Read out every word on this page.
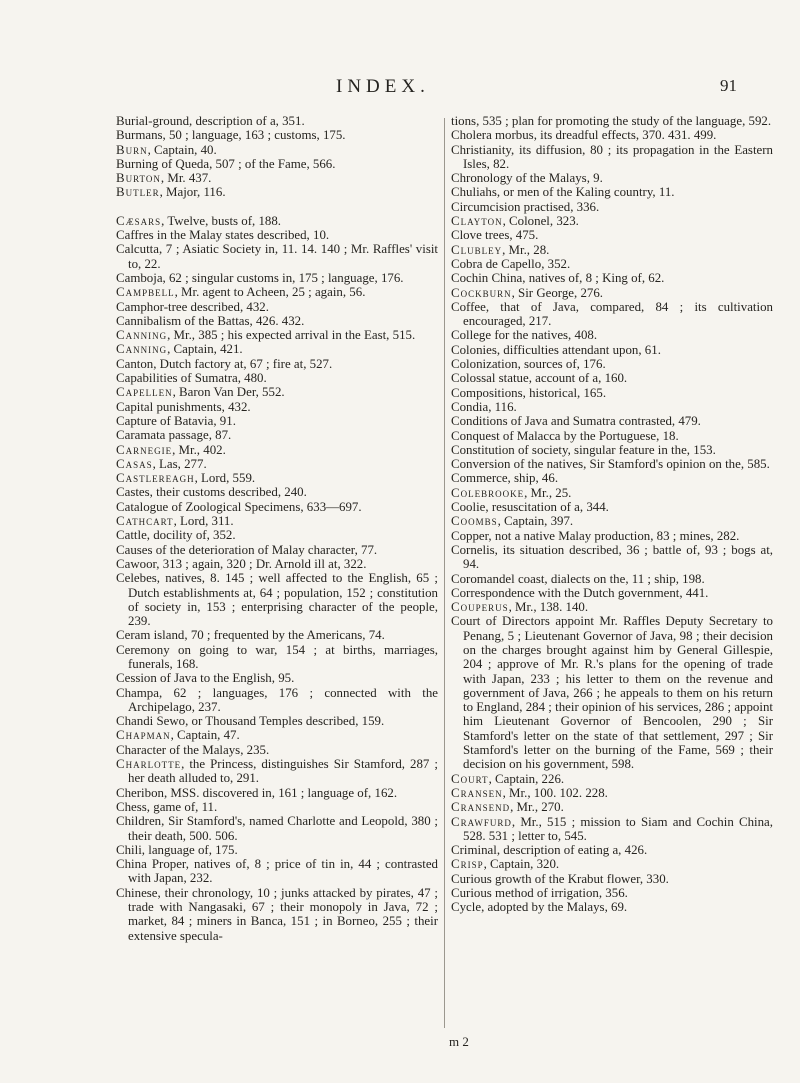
INDEX.	91

Burial-ground, description of a, 351.

Burmans, 50 ; language, 163 ; customs, 175.

Burn, Captain, 40.

Burning of Queda, 507 ; of the Fame, 566.

Burton, Mr. 437.

Butler, Major, 116.

Cæsars, Twelve, busts of, 188.

Caffres in the Malay states described, 10.

Calcutta, 7 ; Asiatic Society in, 11. 14. 140 ; Mr. Raffles' visit to, 22.

Camboja, 62 ; singular customs in, 175 ; language, 176.

Campbell, Mr. agent to Acheen, 25 ; again, 56.

Camphor-tree described, 432.

Cannibalism of the Battas, 426. 432.

Canning, Mr., 385 ; his expected arrival in the East, 515.

Canning, Captain, 421.

Canton, Dutch factory at, 67 ; fire at, 527.

Capabilities of Sumatra, 480.

Capellen, Baron Van Der, 552.

Capital punishments, 432.

Capture of Batavia, 91.

Caramata passage, 87.

Carnegie, Mr., 402.

Casas, Las, 277.

Castlereagh, Lord, 559.

Castes, their customs described, 240.

Catalogue of Zoological Specimens, 633—697.

Cathcart, Lord, 311.

Cattle, docility of, 352.

Causes of the deterioration of Malay character, 77.

Cawoor, 313 ; again, 320 ; Dr. Arnold ill at, 322.

Celebes, natives, 8. 145 ; well affected to the English, 65 ; Dutch establishments at, 64 ; population, 152 ; constitution of society in, 153 ; enterprising character of the people, 239.

Ceram island, 70 ; frequented by the Americans, 74.

Ceremony on going to war, 154 ; at births, marriages, funerals, 168.

Cession of Java to the English, 95.

Champa, 62 ; languages, 176 ; connected with the Archipelago, 237.

Chandi Sewo, or Thousand Temples described, 159.

Chapman, Captain, 47.

Character of the Malays, 235.

Charlotte, the Princess, distinguishes Sir Stamford, 287 ; her death alluded to, 291.

Cheribon, MSS. discovered in, 161 ; language of, 162.

Chess, game of, 11.

Children, Sir Stamford's, named Charlotte and Leopold, 380 ; their death, 500. 506.

Chili, language of, 175.

China Proper, natives of, 8 ; price of tin in, 44 ; contrasted with Japan, 232.

Chinese, their chronology, 10 ; junks attacked by pirates, 47 ; trade with Nangasaki, 67 ; their monopoly in Java, 72 ; market, 84 ; miners in Banca, 151 ; in Borneo, 255 ; their extensive specula-

tions, 535 ; plan for promoting the study of the language, 592.

Cholera morbus, its dreadful effects, 370. 431. 499.

Christianity, its diffusion, 80 ; its propagation in the Eastern Isles, 82.

Chronology of the Malays, 9.

Chuliahs, or men of the Kaling country, 11.

Circumcision practised, 336.

Clayton, Colonel, 323.

Clove trees, 475.

Clubley, Mr., 28.

Cobra de Capello, 352.

Cochin China, natives of, 8 ; King of, 62.

Cockburn, Sir George, 276.

Coffee, that of Java, compared, 84 ; its cultivation encouraged, 217.

College for the natives, 408.

Colonies, difficulties attendant upon, 61.

Colonization, sources of, 176.

Colossal statue, account of a, 160.

Compositions, historical, 165.

Condia, 116.

Conditions of Java and Sumatra contrasted, 479.

Conquest of Malacca by the Portuguese, 18.

Constitution of society, singular feature in the, 153.

Conversion of the natives, Sir Stamford's opinion on the, 585.

Commerce, ship, 46.

Colebrooke, Mr., 25.

Coolie, resuscitation of a, 344.

Coombs, Captain, 397.

Copper, not a native Malay production, 83 ; mines, 282.

Cornelis, its situation described, 36 ; battle of, 93 ; bogs at, 94.

Coromandel coast, dialects on the, 11 ; ship, 198.

Correspondence with the Dutch government, 441.

Couperus, Mr., 138. 140.

Court of Directors appoint Mr. Raffles Deputy Secretary to Penang, 5 ; Lieutenant Governor of Java, 98 ; their decision on the charges brought against him by General Gillespie, 204 ; approve of Mr. R.'s plans for the opening of trade with Japan, 233 ; his letter to them on the revenue and government of Java, 266 ; he appeals to them on his return to England, 284 ; their opinion of his services, 286 ; appoint him Lieutenant Governor of Bencoolen, 290 ; Sir Stamford's letter on the state of that settlement, 297 ; Sir Stamford's letter on the burning of the Fame, 569 ; their decision on his government, 598.

Court, Captain, 226.

Cransen, Mr., 100. 102. 228.

Cransend, Mr., 270.

Crawfurd, Mr., 515 ; mission to Siam and Cochin China, 528. 531 ; letter to, 545.

Criminal, description of eating a, 426.

Crisp, Captain, 320.

Curious growth of the Krabut flower, 330.

Curious method of irrigation, 356.

Cycle, adopted by the Malays, 69.

m 2
